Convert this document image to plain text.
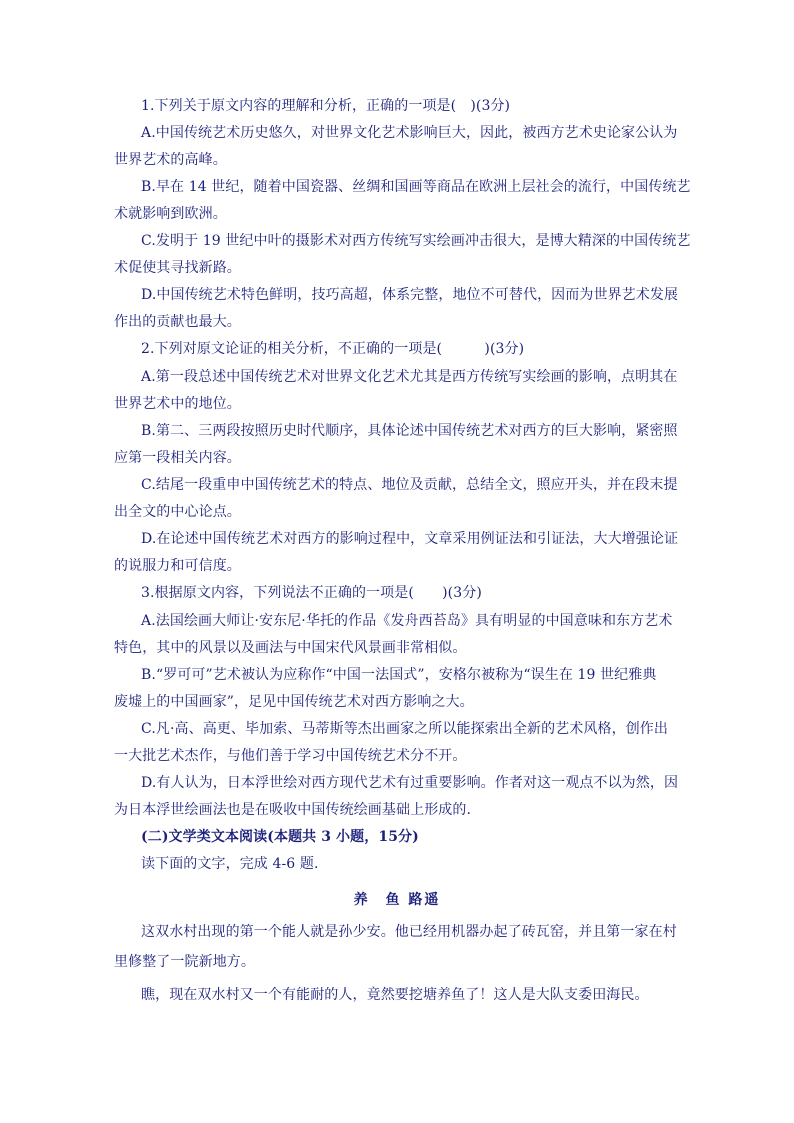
1.下列关于原文内容的理解和分析，正确的一项是(　)(3分)
A.中国传统艺术历史悠久，对世界文化艺术影响巨大，因此，被西方艺术史论家公认为
世界艺术的高峰。
B.早在 14 世纪，随着中国瓷器、丝绸和国画等商品在欧洲上层社会的流行，中国传统艺
术就影响到欧洲。
C.发明于 19 世纪中叶的摄影术对西方传统写实绘画冲击很大，是博大精深的中国传统艺
术促使其寻找新路。
D.中国传统艺术特色鲜明，技巧高超，体系完整，地位不可替代，因而为世界艺术发展
作出的贡献也最大。
2.下列对原文论证的相关分析，不正确的一项是(　　　)(3分)
A.第一段总述中国传统艺术对世界文化艺术尤其是西方传统写实绘画的影响，点明其在
世界艺术中的地位。
B.第二、三两段按照历史时代顺序，具体论述中国传统艺术对西方的巨大影响，紧密照
应第一段相关内容。
C.结尾一段重申中国传统艺术的特点、地位及贡献，总结全文，照应开头，并在段末提
出全文的中心论点。
D.在论述中国传统艺术对西方的影响过程中，文章采用例证法和引证法，大大增强论证
的说服力和可信度。
3.根据原文内容，下列说法不正确的一项是(　　)(3分)
A.法国绘画大师让·安东尼·华托的作品《发舟西苔岛》具有明显的中国意味和东方艺术
特色，其中的风景以及画法与中国宋代风景画非常相似。
B.“罗可可”艺术被认为应称作“中国一法国式”，安格尔被称为“误生在 19 世纪雅典
废墟上的中国画家”，足见中国传统艺术对西方影响之大。
C.凡·高、高更、毕加索、马蒂斯等杰出画家之所以能探索出全新的艺术风格，创作出
一大批艺术杰作，与他们善于学习中国传统艺术分不开。
D.有人认为，日本浮世绘对西方现代艺术有过重要影响。作者对这一观点不以为然，因
为日本浮世绘画法也是在吸收中国传统绘画基础上形成的.
(二)文学类文本阅读(本题共 3 小题，15分)
读下面的文字，完成 4-6 题.
养　鱼 路遥
这双水村出现的第一个能人就是孙少安。他已经用机器办起了砖瓦窑，并且第一家在村
里修整了一院新地方。
瞧，现在双水村又一个有能耐的人，竟然要挖塘养鱼了！这人是大队支委田海民。
